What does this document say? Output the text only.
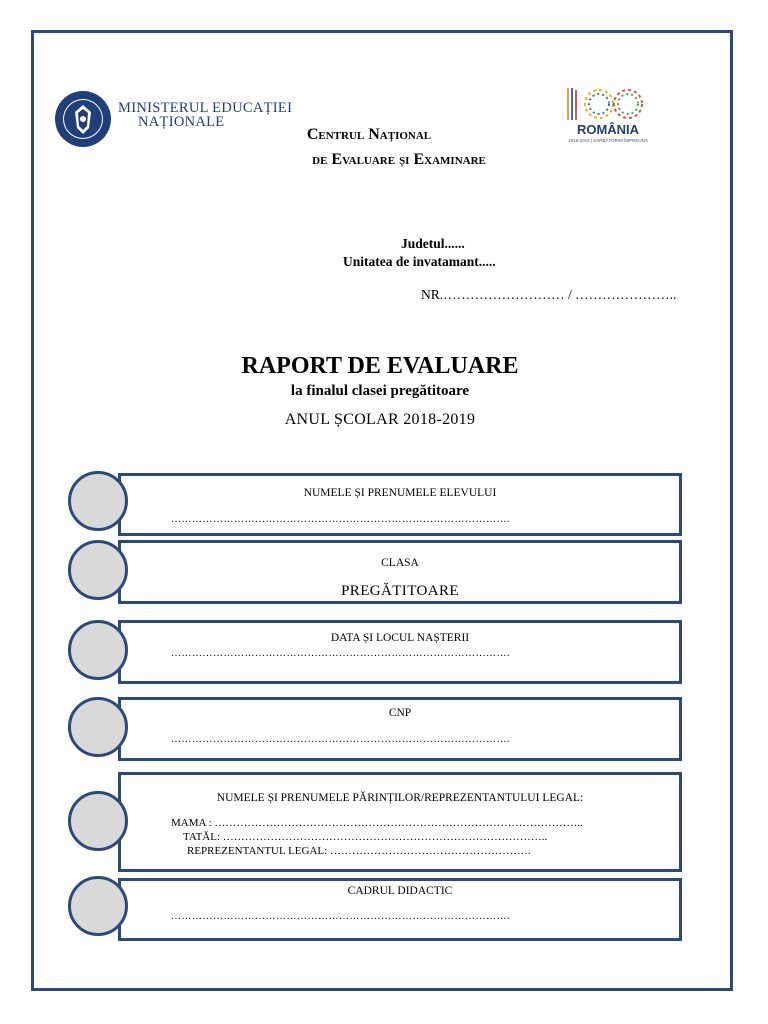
MINISTERUL EDUCAȚIEI
NAȚIONALE	ROMÂNIA
1918-2018 | SĂRBĂTORIM ÎMPREUNĂ
Centrul Național
de Evaluare și Examinare
Judetul......
Unitatea de invatamant.....
NR.……………………… / …………………..
RAPORT DE EVALUARE
la finalul clasei pregătitoare
ANUL ȘCOLAR 2018-2019
NUMELE ȘI PRENUMELE ELEVULUI
…………………………………………………………………………………….
CLASA
PREGĂTITOARE
DATA ȘI LOCUL NAȘTERII
…………………………………………………………………………………….
CNP
…………………………………………………………………………………….
NUMELE ȘI PRENUMELE PĂRINȚILOR/REPREZENTANTULUI LEGAL:
MAMA : ………………………………………………………………………………………..
TATĂL: ……………………………………………………………………………..
REPREZENTANTUL LEGAL: ……………………………………………….
CADRUL DIDACTIC
…………………………………………………………………………………….
